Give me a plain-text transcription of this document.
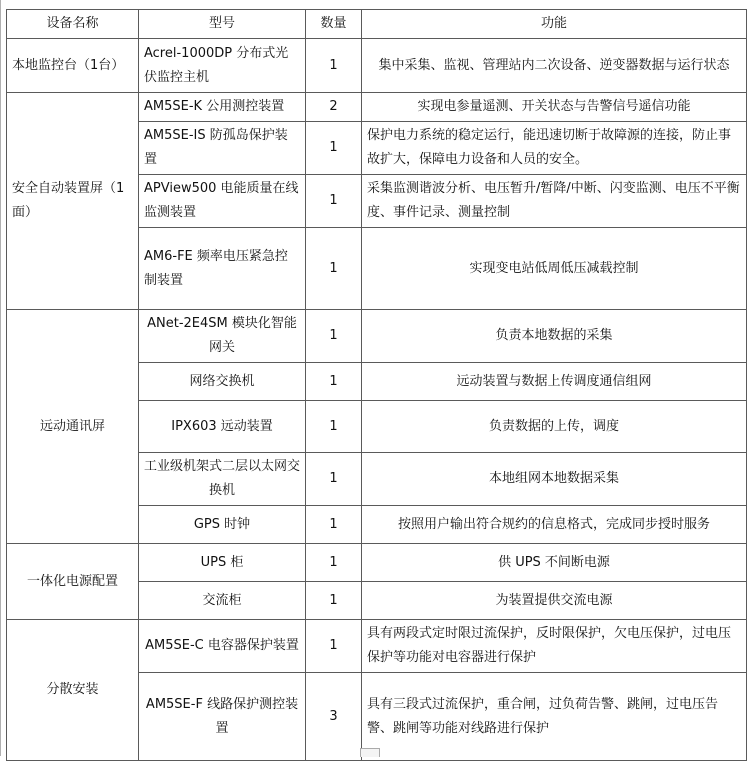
设备名称	型号	数量	功能
本地监控台（1台）	Acrel-1000DP 分布式光伏监控主机	1	集中采集、监视、管理站内二次设备、逆变器数据与运行状态
安全自动装置屏（1面）	AM5SE-K 公用测控装置	2	实现电参量遥测、开关状态与告警信号遥信功能
	AM5SE-IS 防孤岛保护装置	1	保护电力系统的稳定运行，能迅速切断于故障源的连接，防止事故扩大，保障电力设备和人员的安全。
	APView500 电能质量在线监测装置	1	采集监测谐波分析、电压暂升/暂降/中断、闪变监测、电压不平衡度、事件记录、测量控制
	AM6-FE 频率电压紧急控制装置	1	实现变电站低周低压减载控制
远动通讯屏	ANet-2E4SM 模块化智能网关	1	负责本地数据的采集
	网络交换机	1	远动装置与数据上传调度通信组网
	IPX603 远动装置	1	负责数据的上传，调度
	工业级机架式二层以太网交换机	1	本地组网本地数据采集
	GPS 时钟	1	按照用户输出符合规约的信息格式，完成同步授时服务
一体化电源配置	UPS 柜	1	供 UPS 不间断电源
	交流柜	1	为装置提供交流电源
分散安装	AM5SE-C 电容器保护装置	1	具有两段式定时限过流保护，反时限保护，欠电压保护，过电压保护等功能对电容器进行保护
	AM5SE-F 线路保护测控装置	3	具有三段式过流保护，重合闸，过负荷告警、跳闸，过电压告警、跳闸等功能对线路进行保护
